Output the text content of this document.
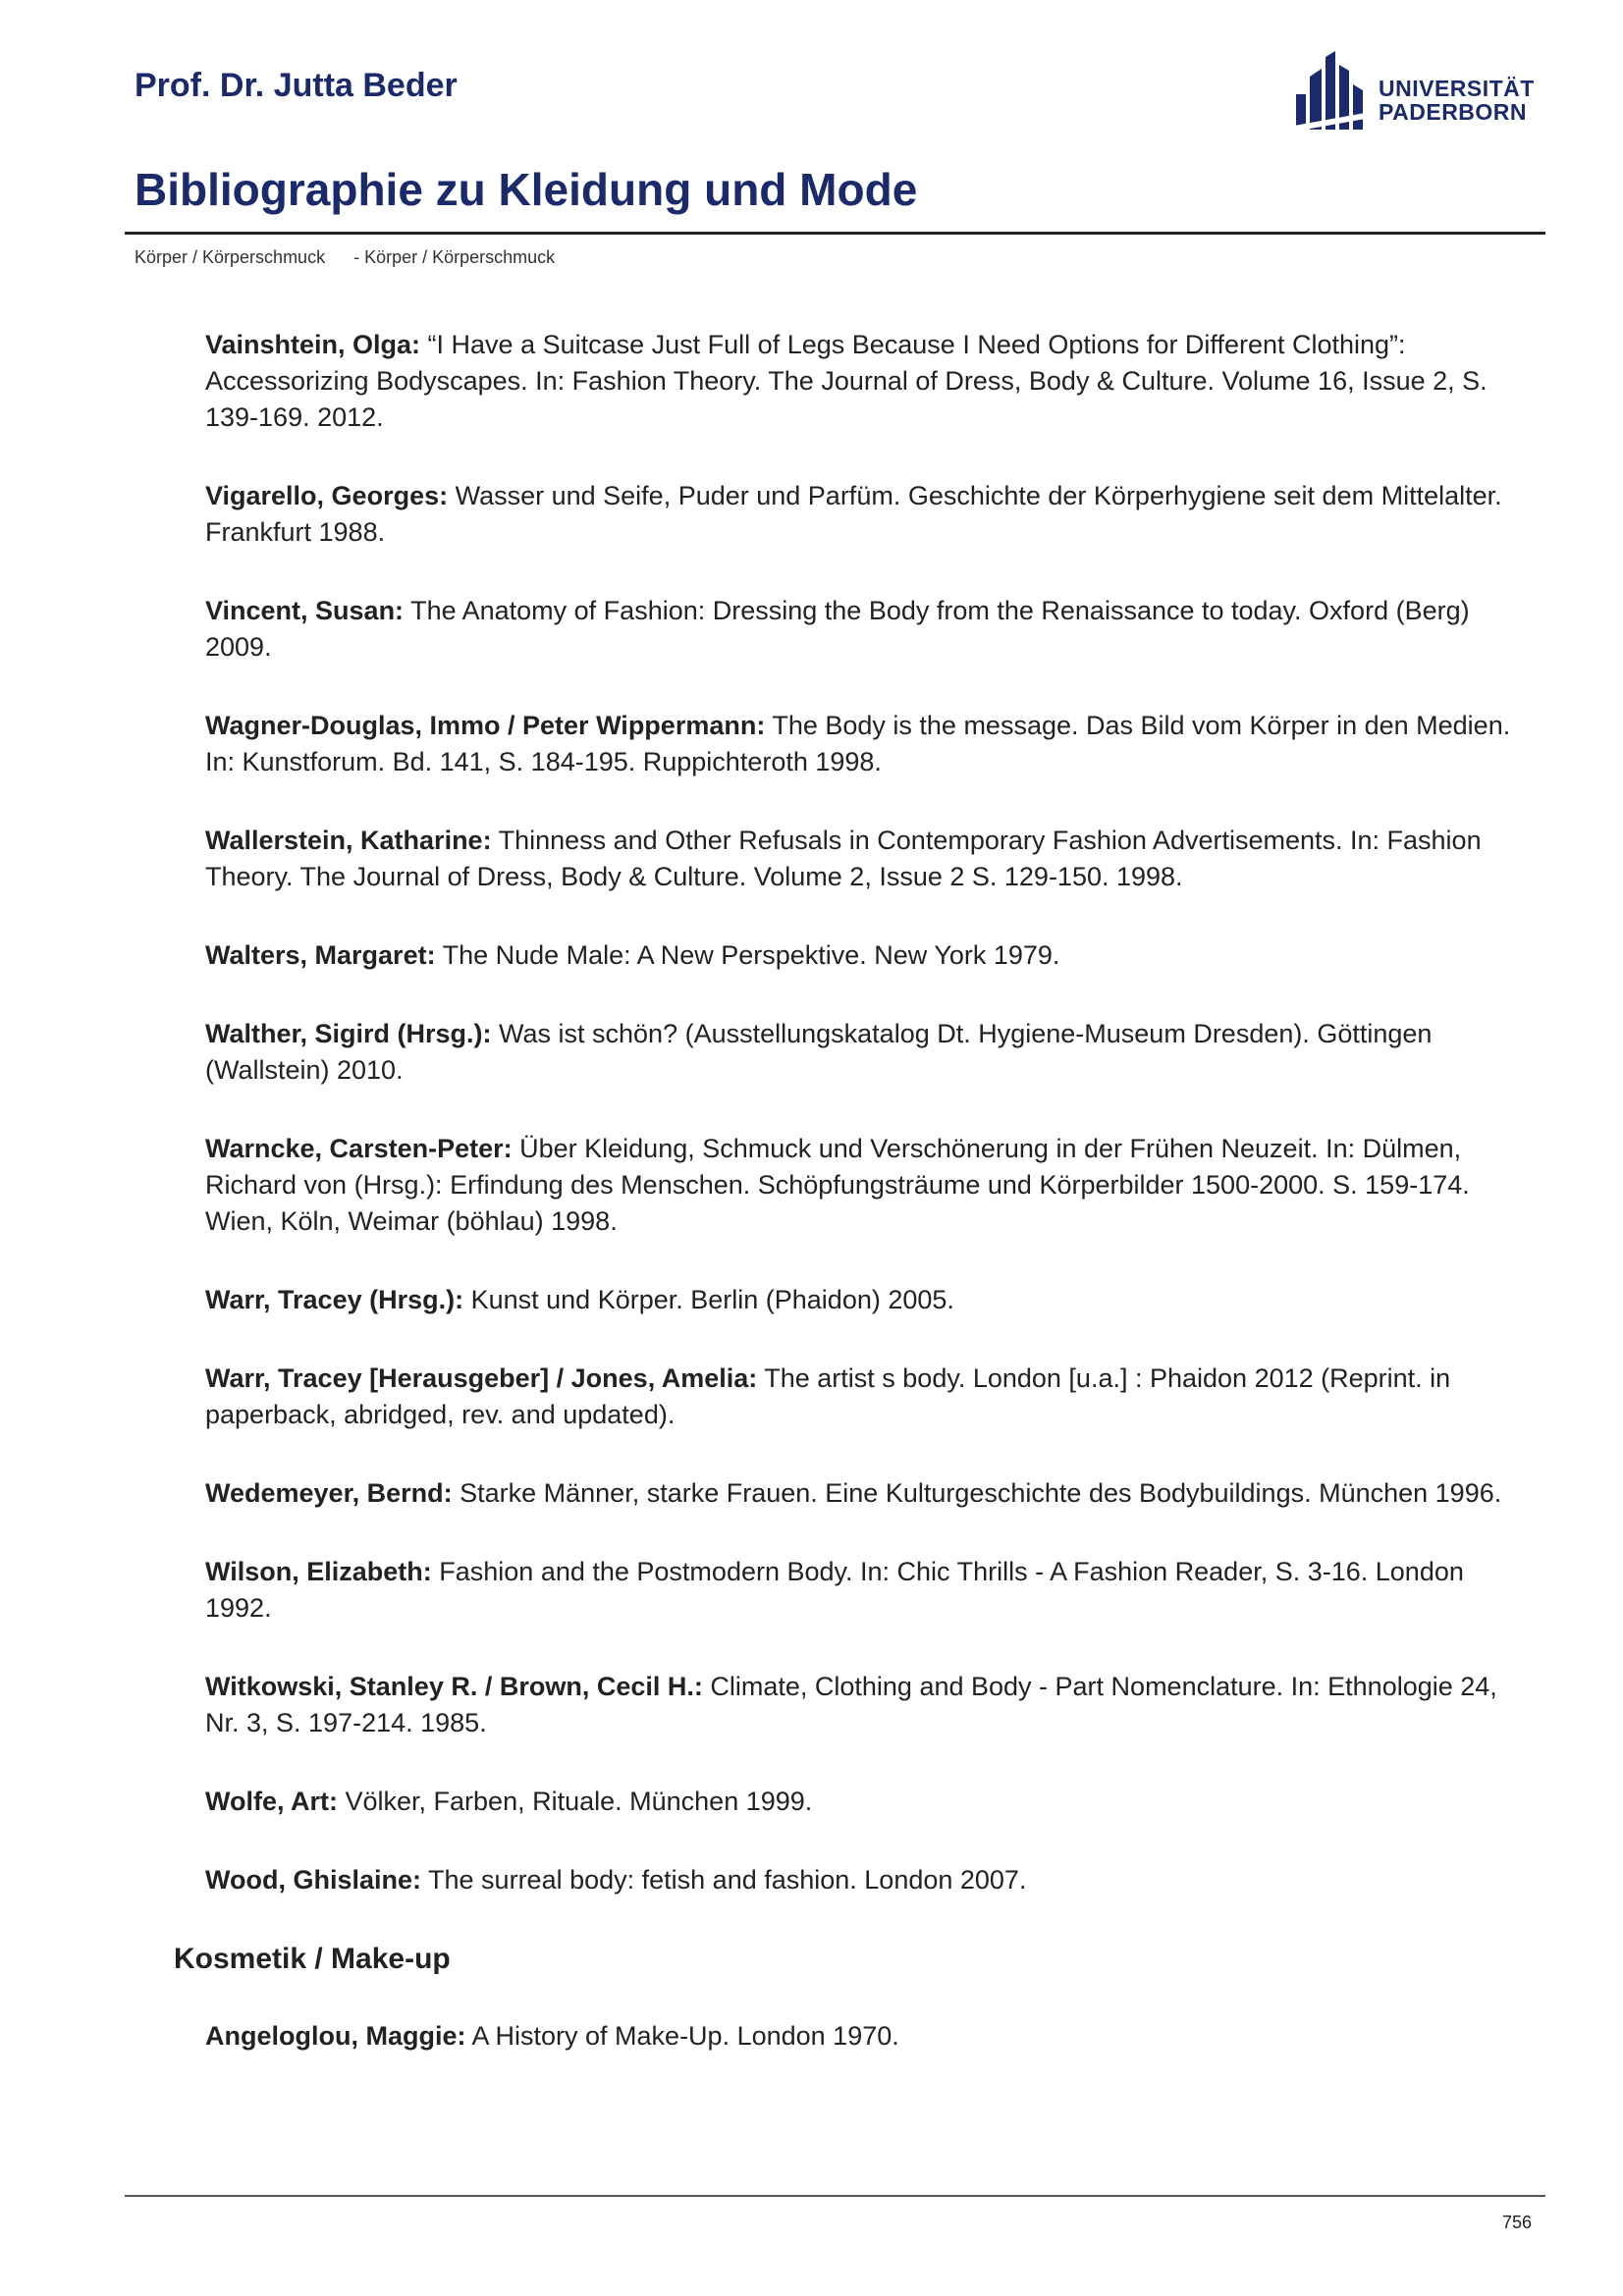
Prof. Dr. Jutta Beder	UNIVERSITÄT
PADERBORN
Bibliographie zu Kleidung und Mode
Körper / Körperschmuck - Körper / Körperschmuck

Vainshtein, Olga: “I Have a Suitcase Just Full of Legs Because I Need Options for Different Clothing”: Accessorizing Bodyscapes. In: Fashion Theory. The Journal of Dress, Body & Culture. Volume 16, Issue 2, S. 139-169. 2012.

Vigarello, Georges: Wasser und Seife, Puder und Parfüm. Geschichte der Körperhygiene seit dem Mittelalter. Frankfurt 1988.

Vincent, Susan: The Anatomy of Fashion: Dressing the Body from the Renaissance to today. Oxford (Berg) 2009.

Wagner-Douglas, Immo / Peter Wippermann: The Body is the message. Das Bild vom Körper in den Medien. In: Kunstforum. Bd. 141, S. 184-195. Ruppichteroth 1998.

Wallerstein, Katharine: Thinness and Other Refusals in Contemporary Fashion Advertisements. In: Fashion Theory. The Journal of Dress, Body & Culture. Volume 2, Issue 2 S. 129-150. 1998.

Walters, Margaret: The Nude Male: A New Perspektive. New York 1979.

Walther, Sigird (Hrsg.): Was ist schön? (Ausstellungskatalog Dt. Hygiene-Museum Dresden). Göttingen (Wallstein) 2010.

Warncke, Carsten-Peter: Über Kleidung, Schmuck und Verschönerung in der Frühen Neuzeit. In: Dülmen, Richard von (Hrsg.): Erfindung des Menschen. Schöpfungsträume und Körperbilder 1500-2000. S. 159-174. Wien, Köln, Weimar (böhlau) 1998.

Warr, Tracey (Hrsg.): Kunst und Körper. Berlin (Phaidon) 2005.

Warr, Tracey [Herausgeber] / Jones, Amelia: The artist s body. London [u.a.] : Phaidon 2012 (Reprint. in paperback, abridged, rev. and updated).

Wedemeyer, Bernd: Starke Männer, starke Frauen. Eine Kulturgeschichte des Bodybuildings. München 1996.

Wilson, Elizabeth: Fashion and the Postmodern Body. In: Chic Thrills - A Fashion Reader, S. 3-16. London 1992.

Witkowski, Stanley R. / Brown, Cecil H.: Climate, Clothing and Body - Part Nomenclature. In: Ethnologie 24, Nr. 3, S. 197-214. 1985.

Wolfe, Art: Völker, Farben, Rituale. München 1999.

Wood, Ghislaine: The surreal body: fetish and fashion. London 2007.

Kosmetik / Make-up

Angeloglou, Maggie: A History of Make-Up. London 1970.

756
